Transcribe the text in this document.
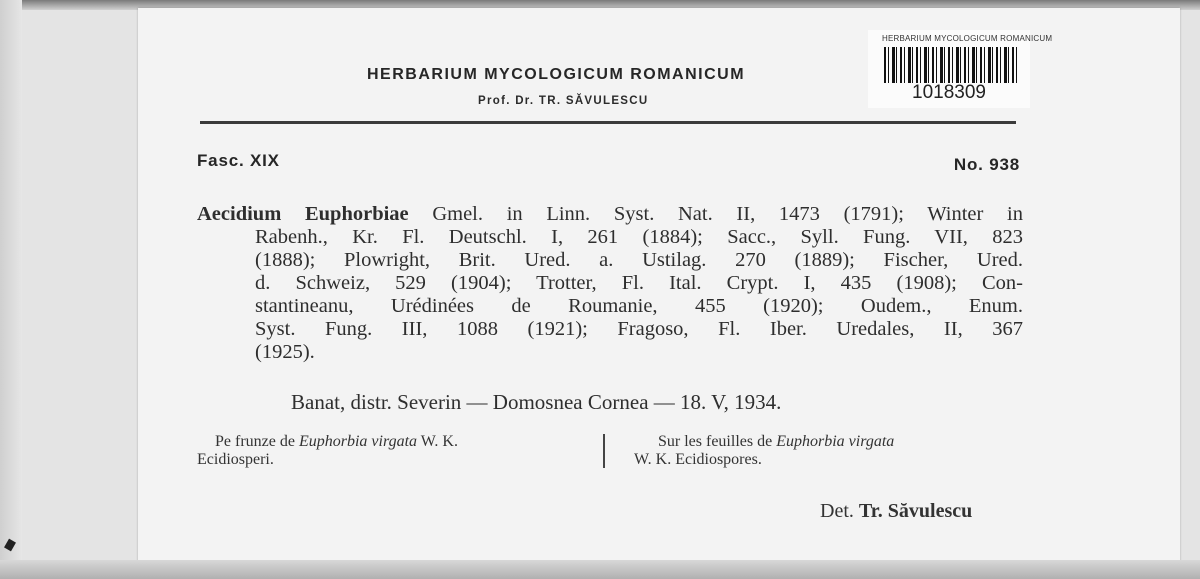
HERBARIUM MYCOLOGICUM ROMANICUM
1018309
HERBARIUM MYCOLOGICUM ROMANICUM
Prof. Dr. TR. SĂVULESCU
Fasc. XIX	No. 938
Aecidium Euphorbiae Gmel. in Linn. Syst. Nat. II, 1473 (1791); Winter in
Rabenh., Kr. Fl. Deutschl. I, 261 (1884); Sacc., Syll. Fung. VII, 823
(1888); Plowright, Brit. Ured. a. Ustilag. 270 (1889); Fischer, Ured.
d. Schweiz, 529 (1904); Trotter, Fl. Ital. Crypt. I, 435 (1908); Con-
stantineanu, Urédinées de Roumanie, 455 (1920); Oudem., Enum.
Syst. Fung. III, 1088 (1921); Fragoso, Fl. Iber. Uredales, II, 367
(1925).
Banat, distr. Severin — Domosnea Cornea — 18. V, 1934.
Pe frunze de Euphorbia virgata W. K.
Ecidiosperi.
Sur les feuilles de Euphorbia virgata
W. K. Ecidiospores.
Det. Tr. Săvulescu
